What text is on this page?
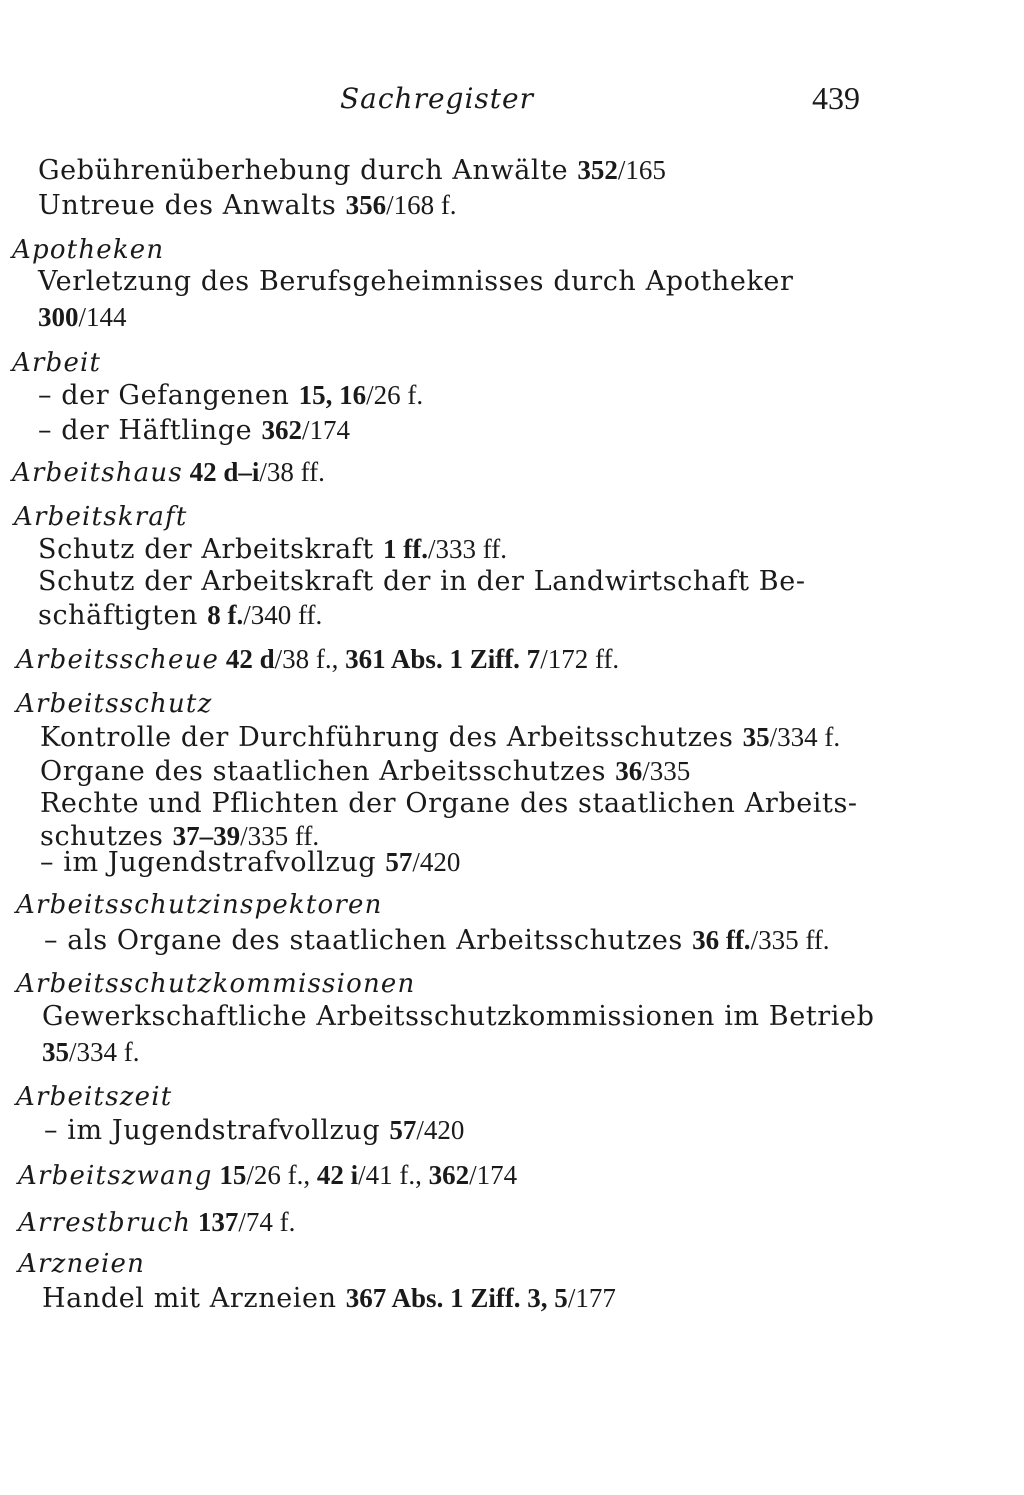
Sachregister	439
Gebührenüberhebung durch Anwälte 352/165
Untreue des Anwalts 356/168 f.
Apotheken
Verletzung des Berufsgeheimnisses durch Apotheker
300/144
Arbeit
– der Gefangenen 15, 16/26 f.
– der Häftlinge 362/174
Arbeitshaus 42 d–i/38 ff.
Arbeitskraft
Schutz der Arbeitskraft 1 ff./333 ff.
Schutz der Arbeitskraft der in der Landwirtschaft Be-
schäftigten 8 f./340 ff.
Arbeitsscheue 42 d/38 f., 361 Abs. 1 Ziff. 7/172 ff.
Arbeitsschutz
Kontrolle der Durchführung des Arbeitsschutzes 35/334 f.
Organe des staatlichen Arbeitsschutzes 36/335
Rechte und Pflichten der Organe des staatlichen Arbeits-
schutzes 37–39/335 ff.
– im Jugendstrafvollzug 57/420
Arbeitsschutzinspektoren
– als Organe des staatlichen Arbeitsschutzes 36 ff./335 ff.
Arbeitsschutzkommissionen
Gewerkschaftliche Arbeitsschutzkommissionen im Betrieb
35/334 f.
Arbeitszeit
– im Jugendstrafvollzug 57/420
Arbeitszwang 15/26 f., 42 i/41 f., 362/174
Arrestbruch 137/74 f.
Arzneien
Handel mit Arzneien 367 Abs. 1 Ziff. 3, 5/177
